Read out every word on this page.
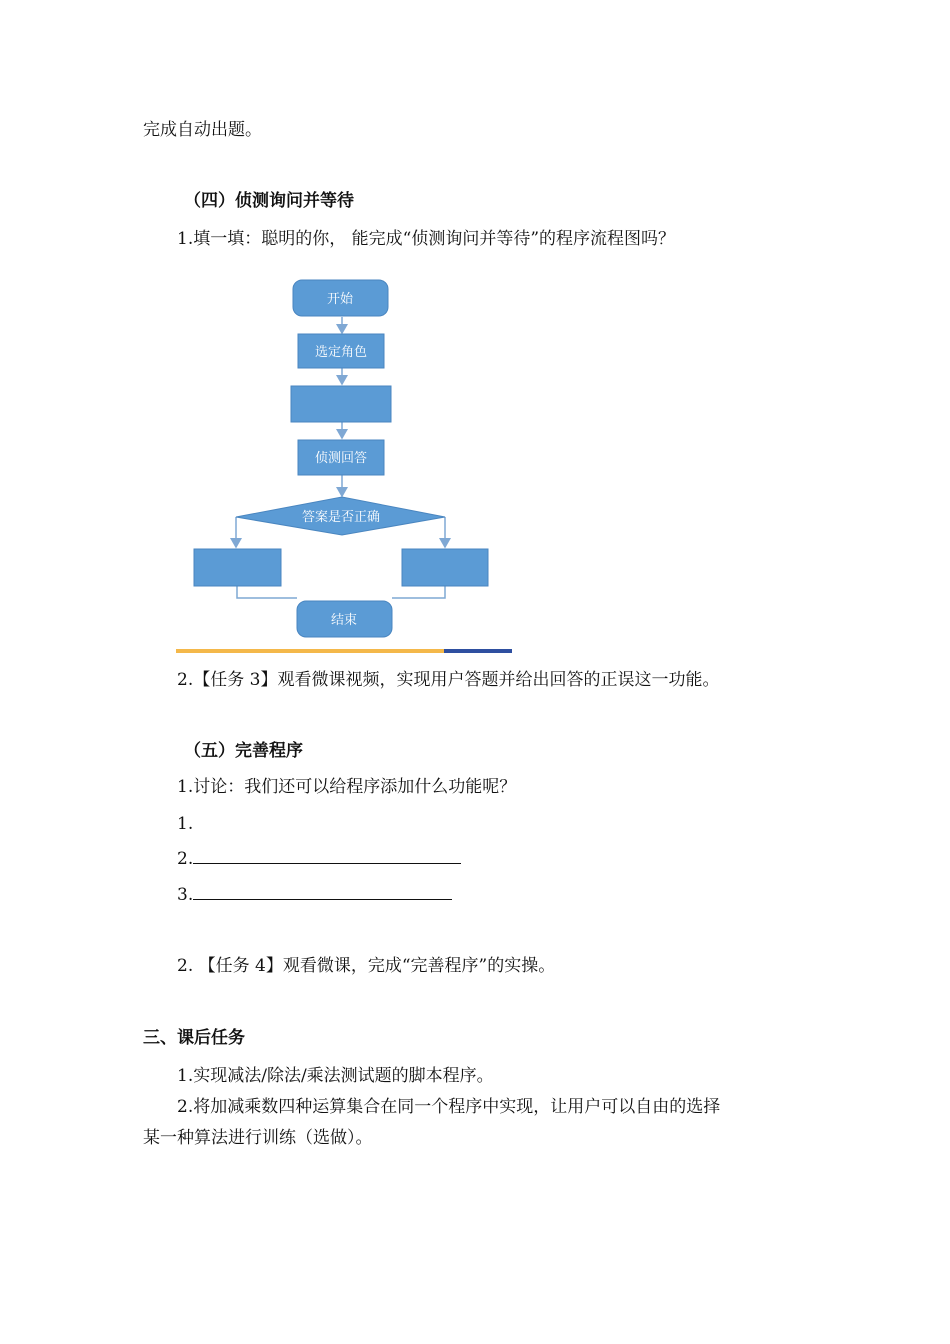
完成自动出题。
（四）侦测询问并等待
1.填一填：聪明的你， 能完成“侦测询问并等待”的程序流程图吗？
开始
选定角色
侦测回答
答案是否正确
结束
2.【任务 3】观看微课视频，实现用户答题并给出回答的正误这一功能。
（五）完善程序
1.讨论：我们还可以给程序添加什么功能呢？
1.
2.
3.
2. 【任务 4】观看微课，完成“完善程序”的实操。
三、课后任务
1.实现减法/除法/乘法测试题的脚本程序。
2.将加减乘数四种运算集合在同一个程序中实现，让用户可以自由的选择
某一种算法进行训练（选做）。
